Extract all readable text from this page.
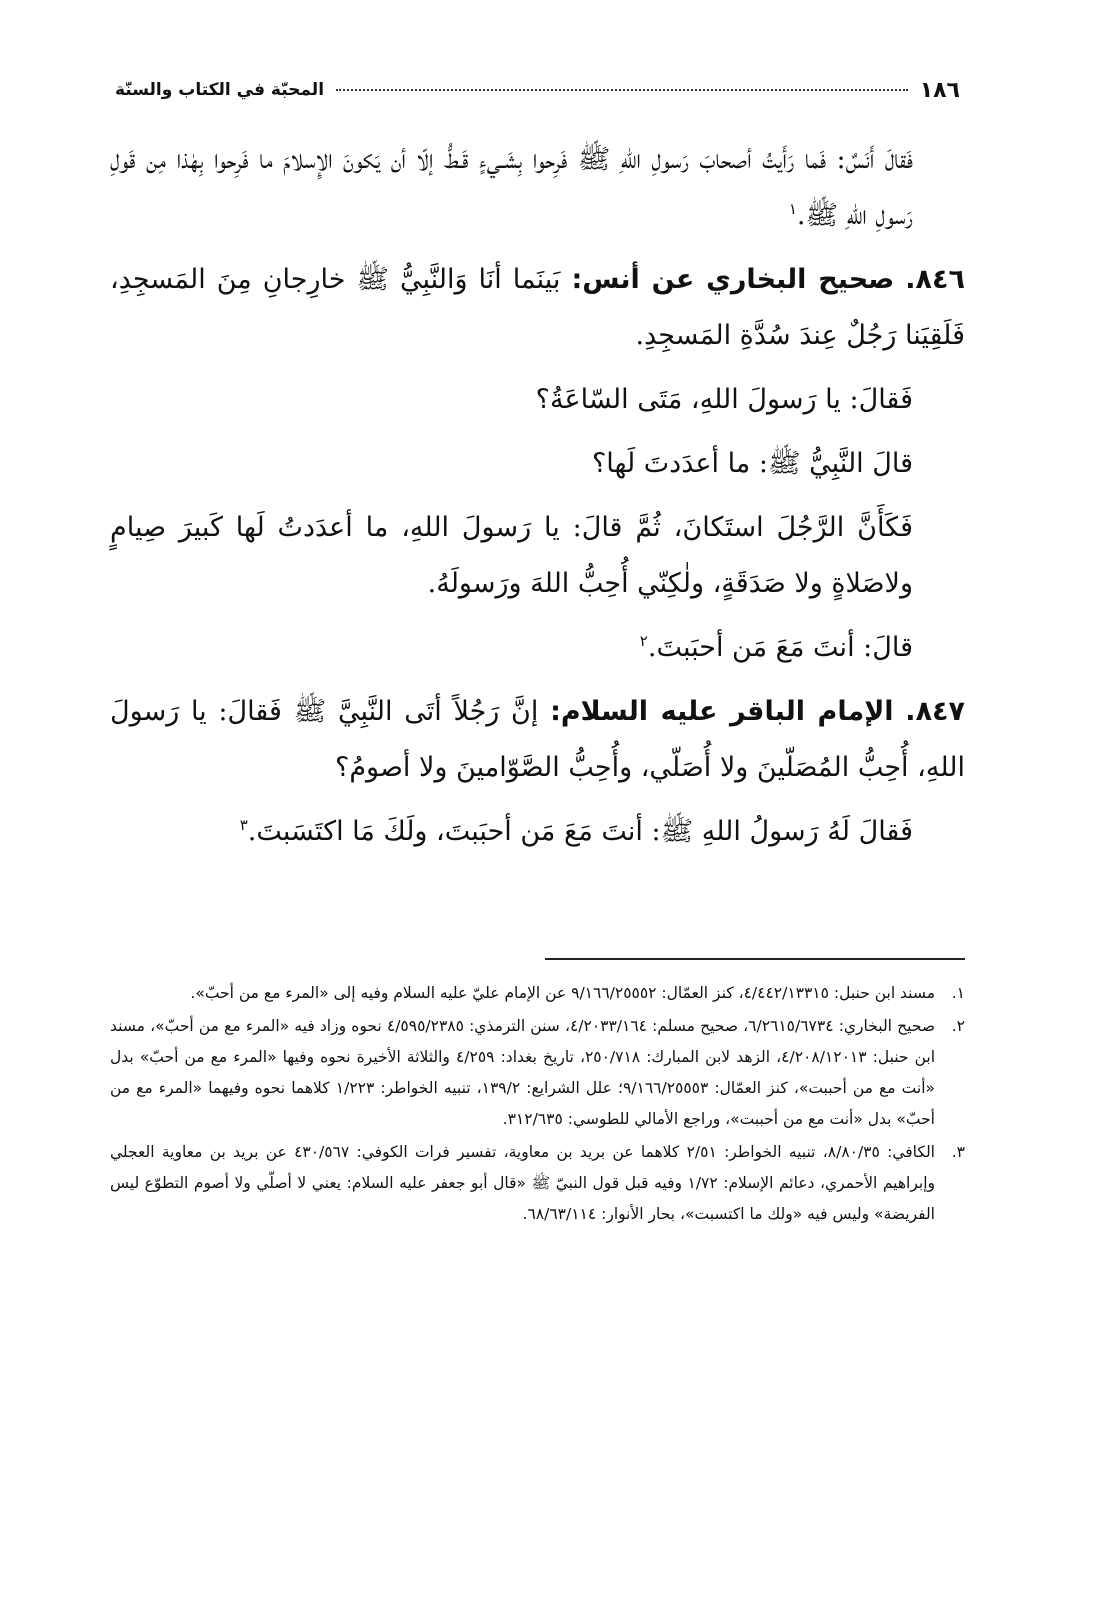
١٨٦
المحبّة في الكتاب والسنّة

فَقالَ أَنَسٌ: فَما رَأَيتُ أصحابَ رَسولِ اللهِ ﷺ فَرِحوا بِشَـيءٍ قَـطُّ إلّا أن يَكونَ الإِسلامَ ما فَرِحوا بِهٰذا مِن قَولِ رَسولِ اللهِ ﷺ.$^١$

٨٤٦. صحيح البخاري عن أنس: بَينَما أنَا وَالنَّبِيُّ ﷺ خارِجانِ مِنَ المَسجِدِ، فَلَقِيَنا رَجُلٌ عِندَ سُدَّةِ المَسجِدِ.

فَقالَ: يا رَسولَ اللهِ، مَتَى السّاعَةُ؟

قالَ النَّبِيُّ ﷺ: ما أعدَدتَ لَها؟

فَكَأَنَّ الرَّجُلَ استَكانَ، ثُمَّ قالَ: يا رَسولَ اللهِ، ما أعدَدتُ لَها كَبيرَ صِيامٍ ولاصَلاةٍ ولا صَدَقَةٍ، ولٰكِنّي أُحِبُّ اللهَ ورَسولَهُ.

قالَ: أنتَ مَعَ مَن أحبَبتَ.$^٢$

٨٤٧. الإمام الباقر عليه السلام: إنَّ رَجُلاً أتَى النَّبِيَّ ﷺ فَقالَ: يا رَسولَ اللهِ، أُحِبُّ المُصَلّينَ ولا أُصَلّي، وأُحِبُّ الصَّوّامينَ ولا أصومُ؟

فَقالَ لَهُ رَسولُ اللهِ ﷺ: أنتَ مَعَ مَن أحبَبتَ، ولَكَ مَا اكتَسَبتَ.$^٣$

١.
مسند ابن حنبل: ٤/٤٤٢/١٣٣١٥، كنز العمّال: ٩/١٦٦/٢٥٥٥٢ عن الإمام عليّ عليه السلام وفيه إلى «المرء مع من أحبّ».
٢.
صحيح البخاري: ٦/٢٦١٥/٦٧٣٤، صحيح مسلم: ٤/٢٠٣٣/١٦٤، سنن الترمذي: ٤/٥٩٥/٢٣٨٥ نحوه وزاد فيه «المرء مع من أحبّ»، مسند ابن حنبل: ٤/٢٠٨/١٢٠١٣، الزهد لابن المبارك: ٢٥٠/٧١٨، تاريخ بغداد: ٤/٢٥٩ والثلاثة الأخيرة نحوه وفيها «المرء مع من أحبّ» بدل «أنت مع من أحببت»، كنز العمّال: ٩/١٦٦/٢٥٥٥٣؛ علل الشرايع: ١٣٩/٢، تنبيه الخواطر: ١/٢٢٣ كلاهما نحوه وفيهما «المرء مع من أحبّ» بدل «أنت مع من أحببت»، وراجع الأمالي للطوسي: ٣١٢/٦٣٥.
٣.
الكافي: ٨/٨٠/٣٥، تنبيه الخواطر: ٢/٥١ كلاهما عن بريد بن معاوية، تفسير فرات الكوفي: ٤٣٠/٥٦٧ عن بريد بن معاوية العجلي وإبراهيم الأحمري، دعائم الإسلام: ١/٧٢ وفيه قبل قول النبيّ ﷺ «قال أبو جعفر عليه السلام: يعني لا أصلّي ولا أصوم التطوّع ليس الفريضة» وليس فيه «ولك ما اكتسبت»، بحار الأنوار: ٦٨/٦٣/١١٤.
